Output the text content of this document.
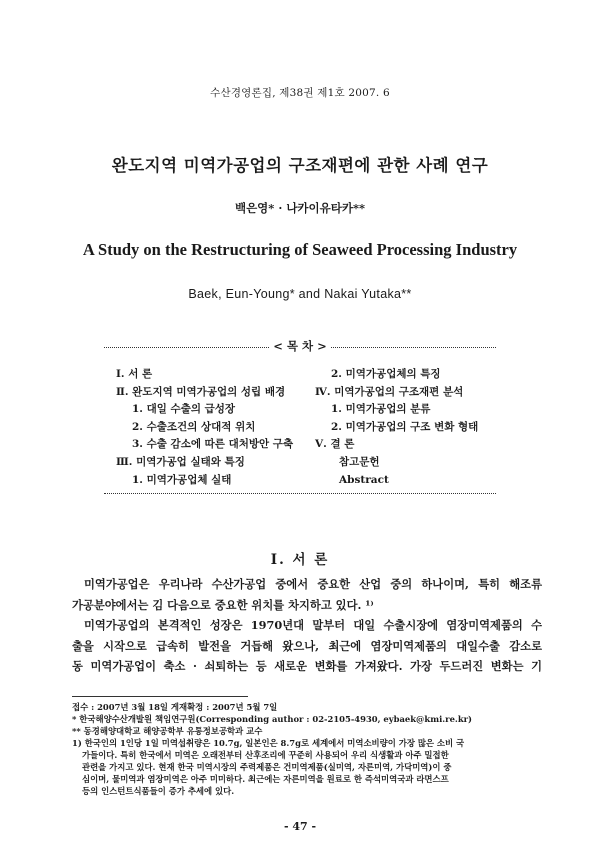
수산경영론집, 제38권 제1호 2007. 6
완도지역 미역가공업의 구조재편에 관한 사례 연구
백은영* · 나카이유타카**
A Study on the Restructuring of Seaweed Processing Industry
Baek, Eun-Young* and Nakai Yutaka**
< 목 차 >
Ⅰ. 서 론
Ⅱ. 완도지역 미역가공업의 성립 배경
1. 대일 수출의 급성장
2. 수출조건의 상대적 위치
3. 수출 감소에 따른 대처방안 구축
Ⅲ. 미역가공업 실태와 특징
1. 미역가공업체 실태
2. 미역가공업체의 특징
Ⅳ. 미역가공업의 구조재편 분석
1. 미역가공업의 분류
2. 미역가공업의 구조 변화 형태
Ⅴ. 결 론
참고문헌
Abstract
Ⅰ. 서 론
미역가공업은 우리나라 수산가공업 중에서 중요한 산업 중의 하나이며, 특히 해조류
가공분야에서는 김 다음으로 중요한 위치를 차지하고 있다. ¹⁾
미역가공업의 본격적인 성장은 1970년대 말부터 대일 수출시장에 염장미역제품의 수
출을 시작으로 급속히 발전을 거듭해 왔으나, 최근에 염장미역제품의 대일수출 감소로
동 미역가공업이 축소 · 쇠퇴하는 등 새로운 변화를 가져왔다. 가장 두드러진 변화는 기
접수 : 2007년 3월 18일 게재확정 : 2007년 5월 7일
* 한국해양수산개발원 책임연구원(Corresponding author : 02-2105-4930, eybaek@kmi.re.kr)
** 동경해양대학교 해양공학부 유통정보공학과 교수
1) 한국인의 1인당 1일 미역섭취량은 10.7g, 일본인은 8.7g로 세계에서 미역소비량이 가장 많은 소비 국
가들이다. 특히 한국에서 미역은 오래전부터 산후조리에 꾸준히 사용되어 우리 식생활과 아주 밀접한
관련을 가지고 있다. 현재 한국 미역시장의 주력제품은 건미역제품(실미역, 자른미역, 가닥미역)이 중
심이며, 물미역과 염장미역은 아주 미미하다. 최근에는 자른미역을 원료로 한 즉석미역국과 라면스프
등의 인스턴트식품들이 증가 추세에 있다.
- 47 -
